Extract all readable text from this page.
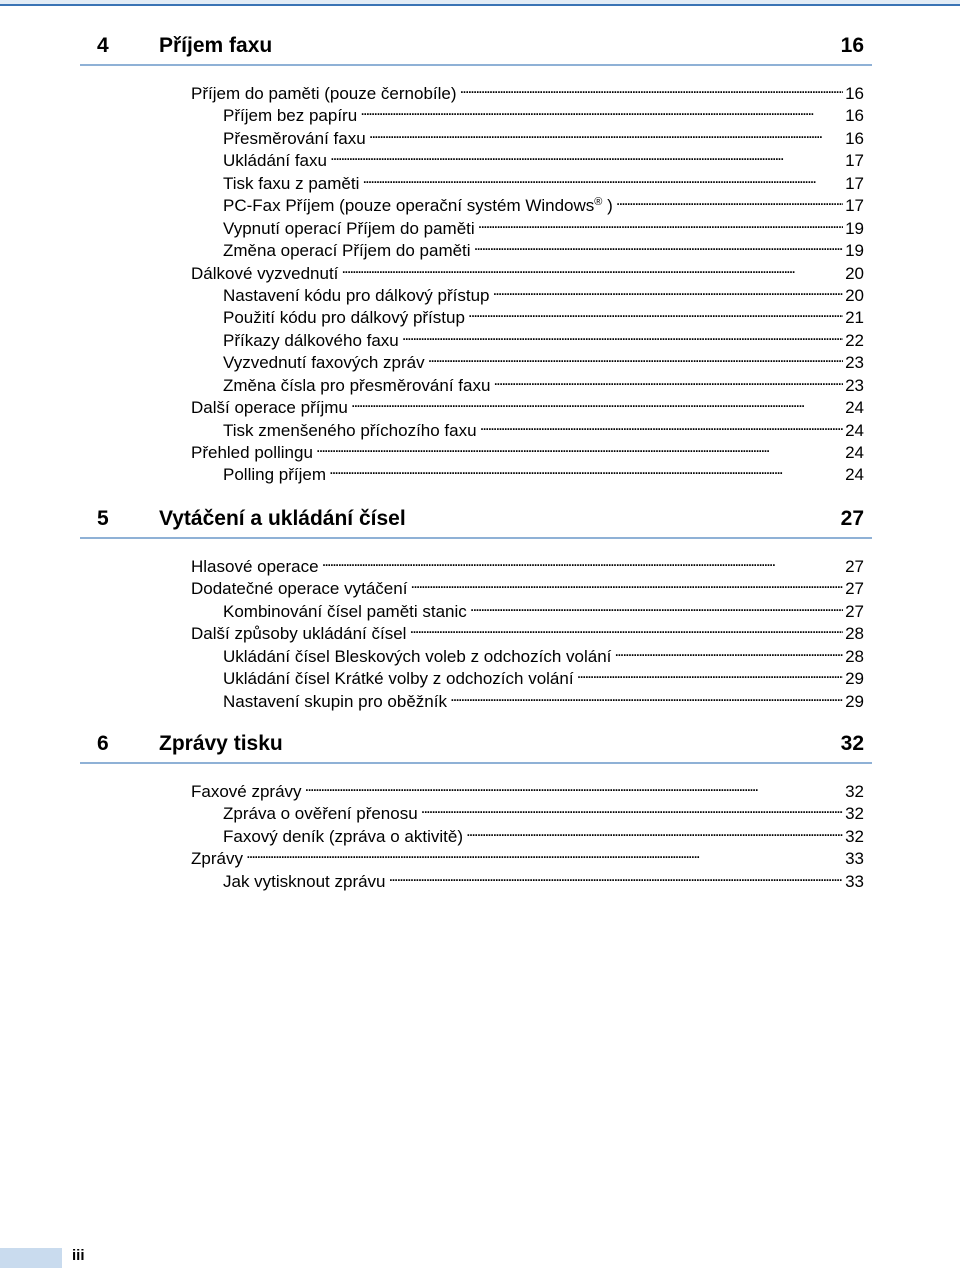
4 Příjem faxu	16
Příjem do paměti (pouze černobíle) . . .	16
Příjem bez papíru . . .	16
Přesměrování faxu . . .	16
Ukládání faxu . . .	17
Tisk faxu z paměti . . .	17
PC-Fax Příjem (pouze operační systém Windows® ) . . .	17
Vypnutí operací Příjem do paměti . . .	19
Změna operací Příjem do paměti . . .	19
Dálkové vyzvednutí . . .	20
Nastavení kódu pro dálkový přístup . . .	20
Použití kódu pro dálkový přístup . . .	21
Příkazy dálkového faxu . . .	22
Vyzvednutí faxových zpráv . . .	23
Změna čísla pro přesměrování faxu . . .	23
Další operace příjmu . . .	24
Tisk zmenšeného příchozího faxu . . .	24
Přehled pollingu . . .	24
Polling příjem . . .	24
5 Vytáčení a ukládání čísel	27
Hlasové operace . . .	27
Dodatečné operace vytáčení . . .	27
Kombinování čísel paměti stanic . . .	27
Další způsoby ukládání čísel . . .	28
Ukládání čísel Bleskových voleb z odchozích volání . . .	28
Ukládání čísel Krátké volby z odchozích volání . . .	29
Nastavení skupin pro oběžník . . .	29
6 Zprávy tisku	32
Faxové zprávy . . .	32
Zpráva o ověření přenosu . . .	32
Faxový deník (zpráva o aktivitě) . . .	32
Zprávy . . .	33
Jak vytisknout zprávu . . .	33
iii
